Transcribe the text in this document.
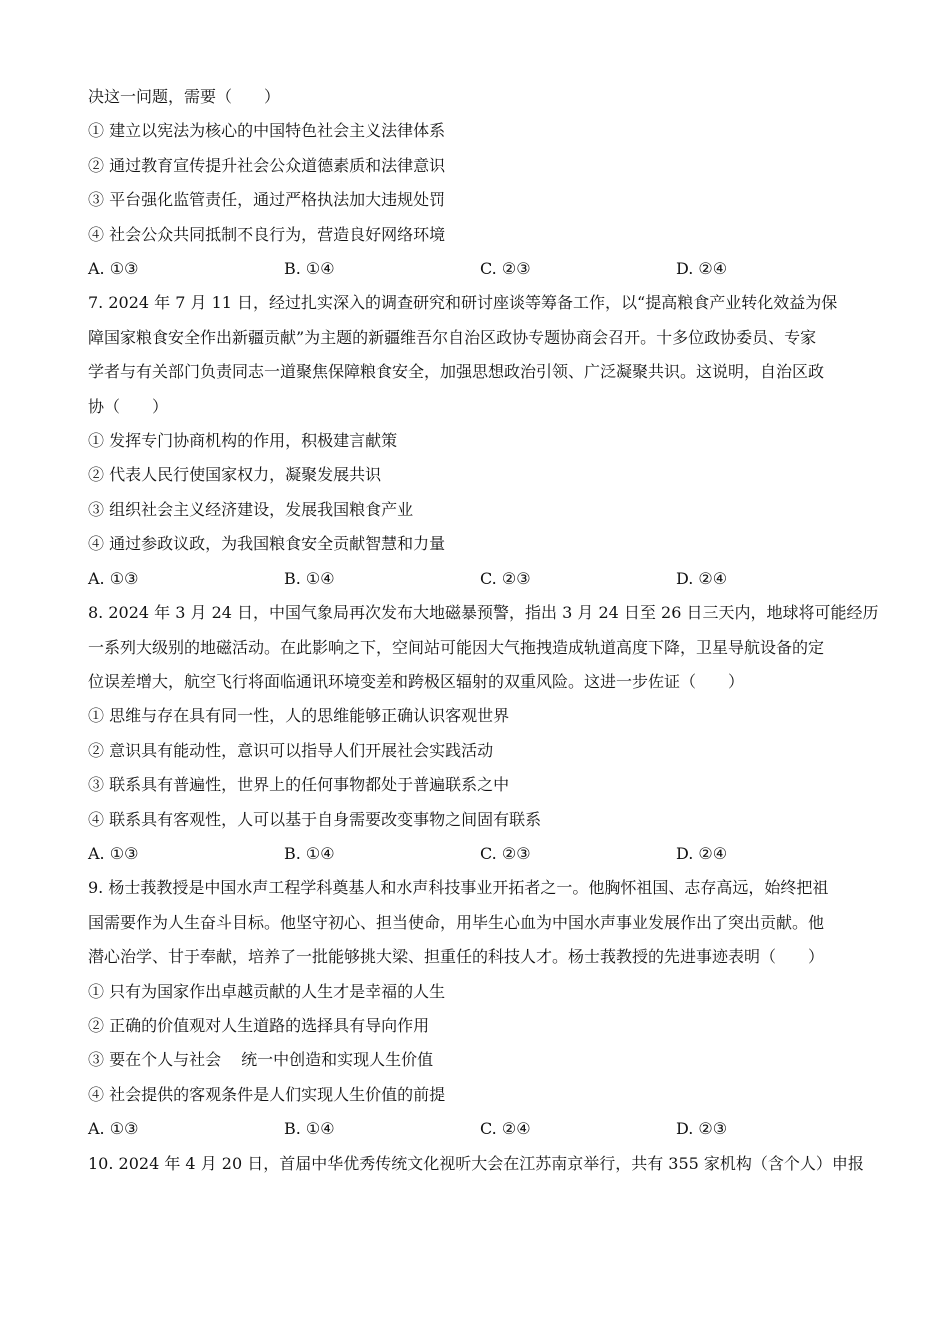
决这一问题，需要（　　）
① 建立以宪法为核心的中国特色社会主义法律体系
② 通过教育宣传提升社会公众道德素质和法律意识
③ 平台强化监管责任，通过严格执法加大违规处罚
④ 社会公众共同抵制不良行为，营造良好网络环境
A. ①③	B. ①④	C. ②③	D. ②④
7. 2024 年 7 月 11 日，经过扎实深入的调查研究和研讨座谈等筹备工作，以“提高粮食产业转化效益为保
障国家粮食安全作出新疆贡献”为主题的新疆维吾尔自治区政协专题协商会召开。十多位政协委员、专家
学者与有关部门负责同志一道聚焦保障粮食安全，加强思想政治引领、广泛凝聚共识。这说明，自治区政
协（　　）
① 发挥专门协商机构的作用，积极建言献策
② 代表人民行使国家权力，凝聚发展共识
③ 组织社会主义经济建设，发展我国粮食产业
④ 通过参政议政，为我国粮食安全贡献智慧和力量
A. ①③	B. ①④	C. ②③	D. ②④
8. 2024 年 3 月 24 日，中国气象局再次发布大地磁暴预警，指出 3 月 24 日至 26 日三天内，地球将可能经历
一系列大级别的地磁活动。在此影响之下，空间站可能因大气拖拽造成轨道高度下降，卫星导航设备的定
位误差增大，航空飞行将面临通讯环境变差和跨极区辐射的双重风险。这进一步佐证（　　）
① 思维与存在具有同一性，人的思维能够正确认识客观世界
② 意识具有能动性，意识可以指导人们开展社会实践活动
③ 联系具有普遍性，世界上的任何事物都处于普遍联系之中
④ 联系具有客观性，人可以基于自身需要改变事物之间固有联系
A. ①③	B. ①④	C. ②③	D. ②④
9. 杨士莪教授是中国水声工程学科奠基人和水声科技事业开拓者之一。他胸怀祖国、志存高远，始终把祖
国需要作为人生奋斗目标。他坚守初心、担当使命，用毕生心血为中国水声事业发展作出了突出贡献。他
潜心治学、甘于奉献，培养了一批能够挑大梁、担重任的科技人才。杨士莪教授的先进事迹表明（　　）
① 只有为国家作出卓越贡献的人生才是幸福的人生
② 正确的价值观对人生道路的选择具有导向作用
③ 要在个人与社会 统一中创造和实现人生价值
④ 社会提供的客观条件是人们实现人生价值的前提
A. ①③	B. ①④	C. ②④	D. ②③
10. 2024 年 4 月 20 日，首届中华优秀传统文化视听大会在江苏南京举行，共有 355 家机构（含个人）申报
